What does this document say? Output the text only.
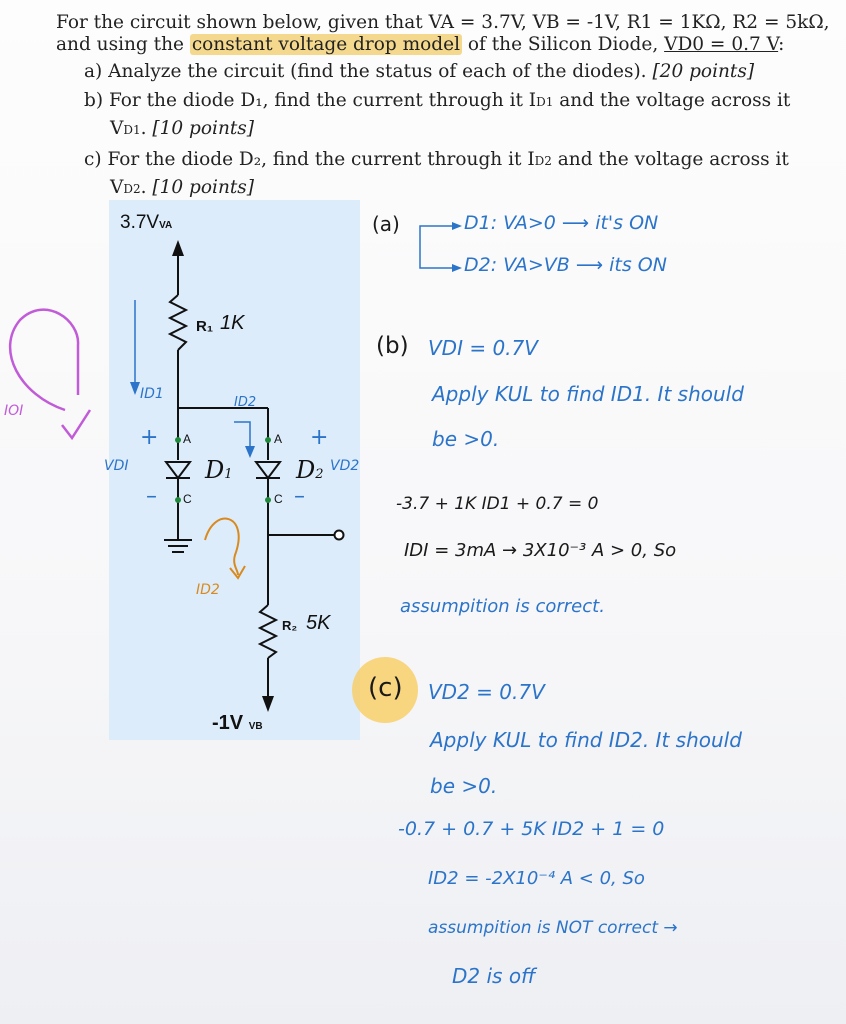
For the circuit shown below, given that VA = 3.7V, VB = -1V, R1 = 1KΩ, R2 = 5kΩ,
and using the constant voltage drop model of the Silicon Diode, VD0 = 0.7 V:
a) Analyze the circuit (find the status of each of the diodes). [20 points]
b) For the diode D₁, find the current through it ID1 and the voltage across it
VD1. [10 points]
c) For the diode D₂, find the current through it ID2 and the voltage across it
VD2. [10 points]
3.7VVA
R₁ 1K
ID1
ID2
+ A
VDI	D1
– C
A +
D2
VD2
C –
ID2
R₂ 5K
-1V VB
IOI
(a)	D1: VA>0 ⟶ it's ON
D2: VA>VB ⟶ its ON
(b) VDI = 0.7V
Apply KUL to find ID1. It should
be >0.
-3.7 + 1K ID1 + 0.7 = 0
IDI = 3mA → 3X10⁻³ A > 0, So
assumpition is correct.
(c) VD2 = 0.7V
Apply KUL to find ID2. It should
be >0.
-0.7 + 0.7 + 5K ID2 + 1 = 0
ID2 = -2X10⁻⁴ A < 0, So
assumpition is NOT correct →
D2 is off
